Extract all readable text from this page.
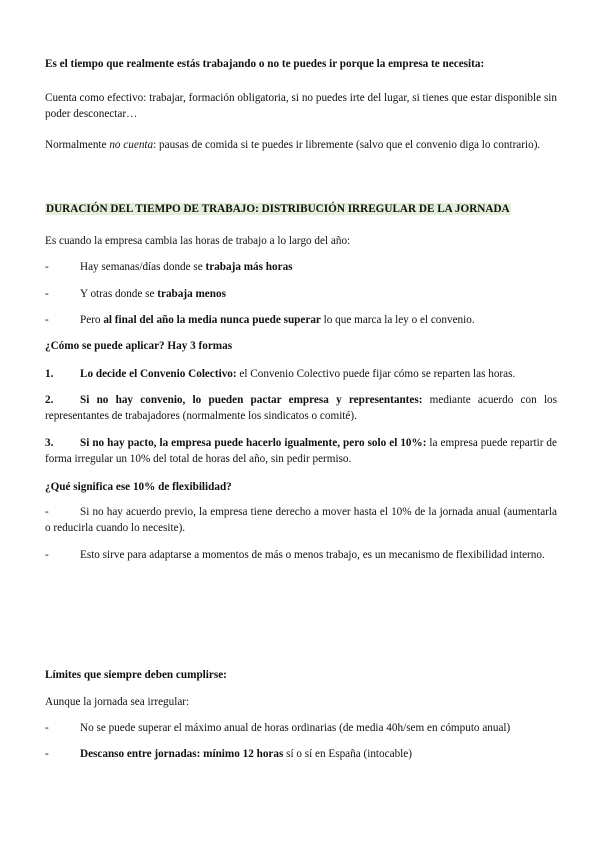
Es el tiempo que realmente estás trabajando o no te puedes ir porque la empresa te necesita:

Cuenta como efectivo: trabajar, formación obligatoria, si no puedes irte del lugar, si tienes que estar disponible sin poder desconectar…

Normalmente no cuenta: pausas de comida si te puedes ir libremente (salvo que el convenio diga lo contrario).

DURACIÓN DEL TIEMPO DE TRABAJO: DISTRIBUCIÓN IRREGULAR DE LA JORNADA

Es cuando la empresa cambia las horas de trabajo a lo largo del año:

-	Hay semanas/días donde se trabaja más horas
-	Y otras donde se trabaja menos
-	Pero al final del año la media nunca puede superar lo que marca la ley o el convenio.

¿Cómo se puede aplicar? Hay 3 formas

1. Lo decide el Convenio Colectivo: el Convenio Colectivo puede fijar cómo se reparten las horas.
2.	Si no hay convenio, lo pueden pactar empresa y representantes: mediante acuerdo con los representantes de trabajadores (normalmente los sindicatos o comité).
3.	Si no hay pacto, la empresa puede hacerlo igualmente, pero solo el 10%: la empresa puede repartir de forma irregular un 10% del total de horas del año, sin pedir permiso.

¿Qué significa ese 10% de flexibilidad?

-	Si no hay acuerdo previo, la empresa tiene derecho a mover hasta el 10% de la jornada anual (aumentarla o reducirla cuando lo necesite).
-	Esto sirve para adaptarse a momentos de más o menos trabajo, es un mecanismo de flexibilidad interno.

Límites que siempre deben cumplirse:

Aunque la jornada sea irregular:

-	No se puede superar el máximo anual de horas ordinarias (de media 40h/sem en cómputo anual)
-	Descanso entre jornadas: mínimo 12 horas sí o sí en España (intocable)
